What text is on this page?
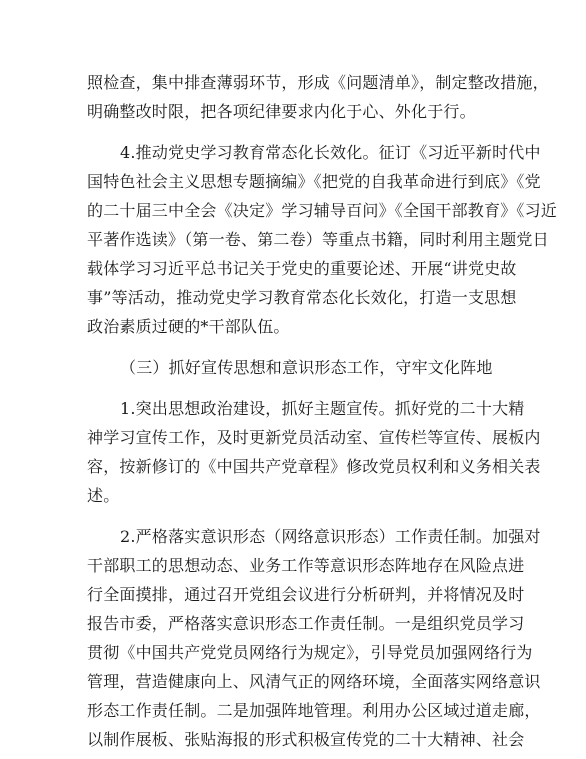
照检查，集中排查薄弱环节，形成《问题清单》，制定整改措施，
明确整改时限，把各项纪律要求内化于心、外化于行。
4.推动党史学习教育常态化长效化。征订《习近平新时代中
国特色社会主义思想专题摘编》《把党的自我革命进行到底》《党
的二十届三中全会《决定》学习辅导百问》《全国干部教育》《习近
平著作选读》（第一卷、第二卷）等重点书籍，同时利用主题党日
载体学习习近平总书记关于党史的重要论述、开展“讲党史故
事”等活动，推动党史学习教育常态化长效化，打造一支思想
政治素质过硬的*干部队伍。
（三）抓好宣传思想和意识形态工作，守牢文化阵地
1.突出思想政治建设，抓好主题宣传。抓好党的二十大精
神学习宣传工作，及时更新党员活动室、宣传栏等宣传、展板内
容，按新修订的《中国共产党章程》修改党员权利和义务相关表
述。
2.严格落实意识形态（网络意识形态）工作责任制。加强对
干部职工的思想动态、业务工作等意识形态阵地存在风险点进
行全面摸排，通过召开党组会议进行分析研判，并将情况及时
报告市委，严格落实意识形态工作责任制。一是组织党员学习
贯彻《中国共产党党员网络行为规定》，引导党员加强网络行为
管理，营造健康向上、风清气正的网络环境，全面落实网络意识
形态工作责任制。二是加强阵地管理。利用办公区域过道走廊，
以制作展板、张贴海报的形式积极宣传党的二十大精神、社会
